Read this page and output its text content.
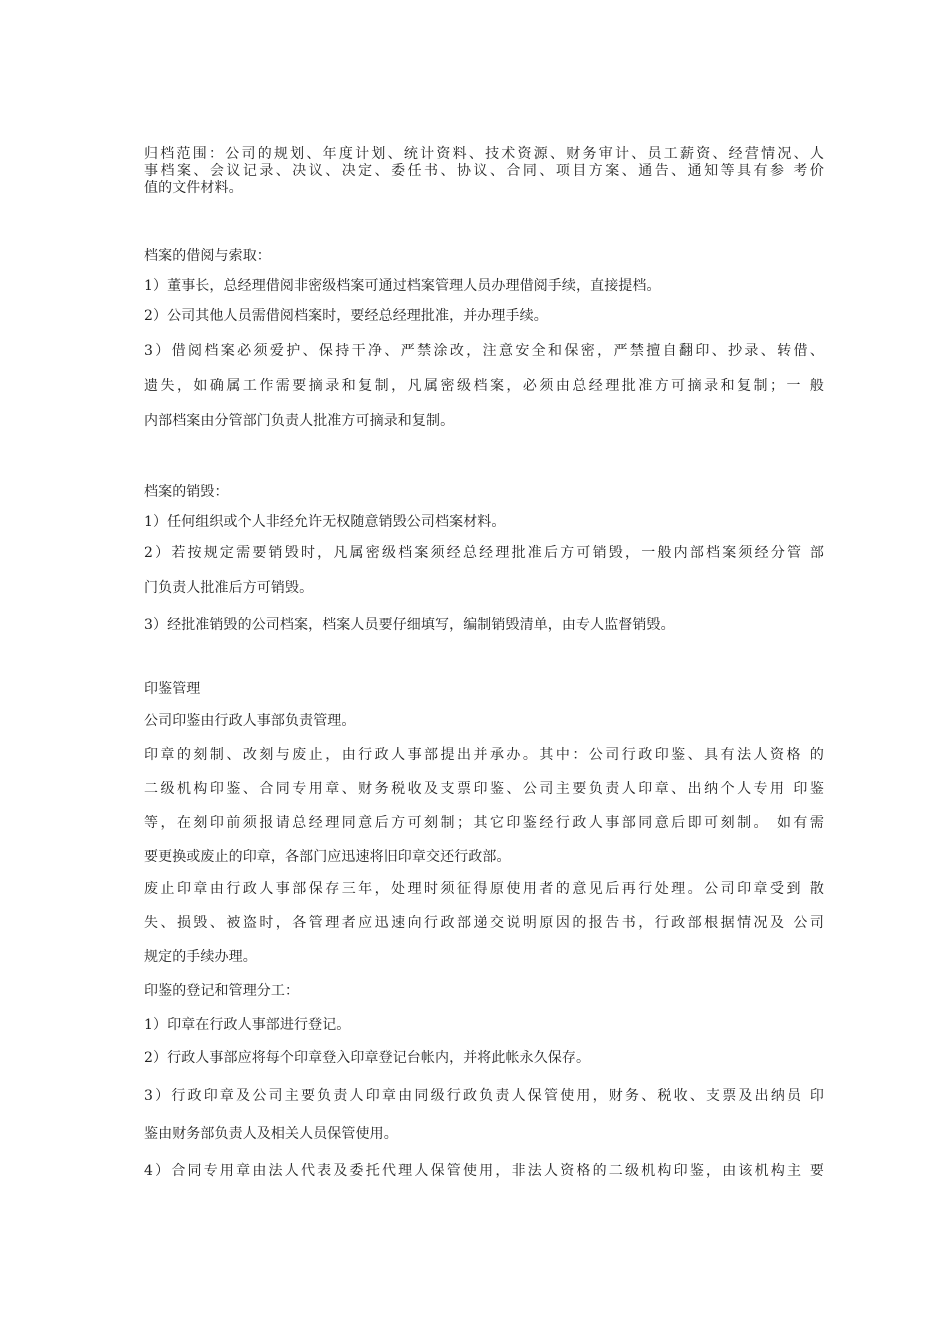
归档范围：公司的规划、年度计划、统计资料、技术资源、财务审计、员工薪资、经营情况、人
事档案、会议记录、决议、决定、委任书、协议、合同、项目方案、通告、通知等具有参 考价
值的文件材料。
档案的借阅与索取：
1）董事长，总经理借阅非密级档案可通过档案管理人员办理借阅手续，直接提档。
2）公司其他人员需借阅档案时，要经总经理批准，并办理手续。
3）借阅档案必须爱护、保持干净、严禁涂改，注意安全和保密，严禁擅自翻印、抄录、转借、
遗失，如确属工作需要摘录和复制，凡属密级档案，必须由总经理批准方可摘录和复制；一 般
内部档案由分管部门负责人批准方可摘录和复制。
档案的销毁：
1）任何组织或个人非经允许无权随意销毁公司档案材料。
2）若按规定需要销毁时，凡属密级档案须经总经理批准后方可销毁，一般内部档案须经分管 部
门负责人批准后方可销毁。
3）经批准销毁的公司档案，档案人员要仔细填写，编制销毁清单，由专人监督销毁。
印鉴管理
公司印鉴由行政人事部负责管理。
印章的刻制、改刻与废止，由行政人事部提出并承办。其中：公司行政印鉴、具有法人资格 的
二级机构印鉴、合同专用章、财务税收及支票印鉴、公司主要负责人印章、出纳个人专用 印鉴
等，在刻印前须报请总经理同意后方可刻制；其它印鉴经行政人事部同意后即可刻制。 如有需
要更换或废止的印章，各部门应迅速将旧印章交还行政部。
废止印章由行政人事部保存三年，处理时须征得原使用者的意见后再行处理。公司印章受到 散
失、损毁、被盗时，各管理者应迅速向行政部递交说明原因的报告书，行政部根据情况及 公司
规定的手续办理。
印鉴的登记和管理分工：
1）印章在行政人事部进行登记。
2）行政人事部应将每个印章登入印章登记台帐内，并将此帐永久保存。
3）行政印章及公司主要负责人印章由同级行政负责人保管使用，财务、税收、支票及出纳员 印
鉴由财务部负责人及相关人员保管使用。
4）合同专用章由法人代表及委托代理人保管使用，非法人资格的二级机构印鉴，由该机构主 要
